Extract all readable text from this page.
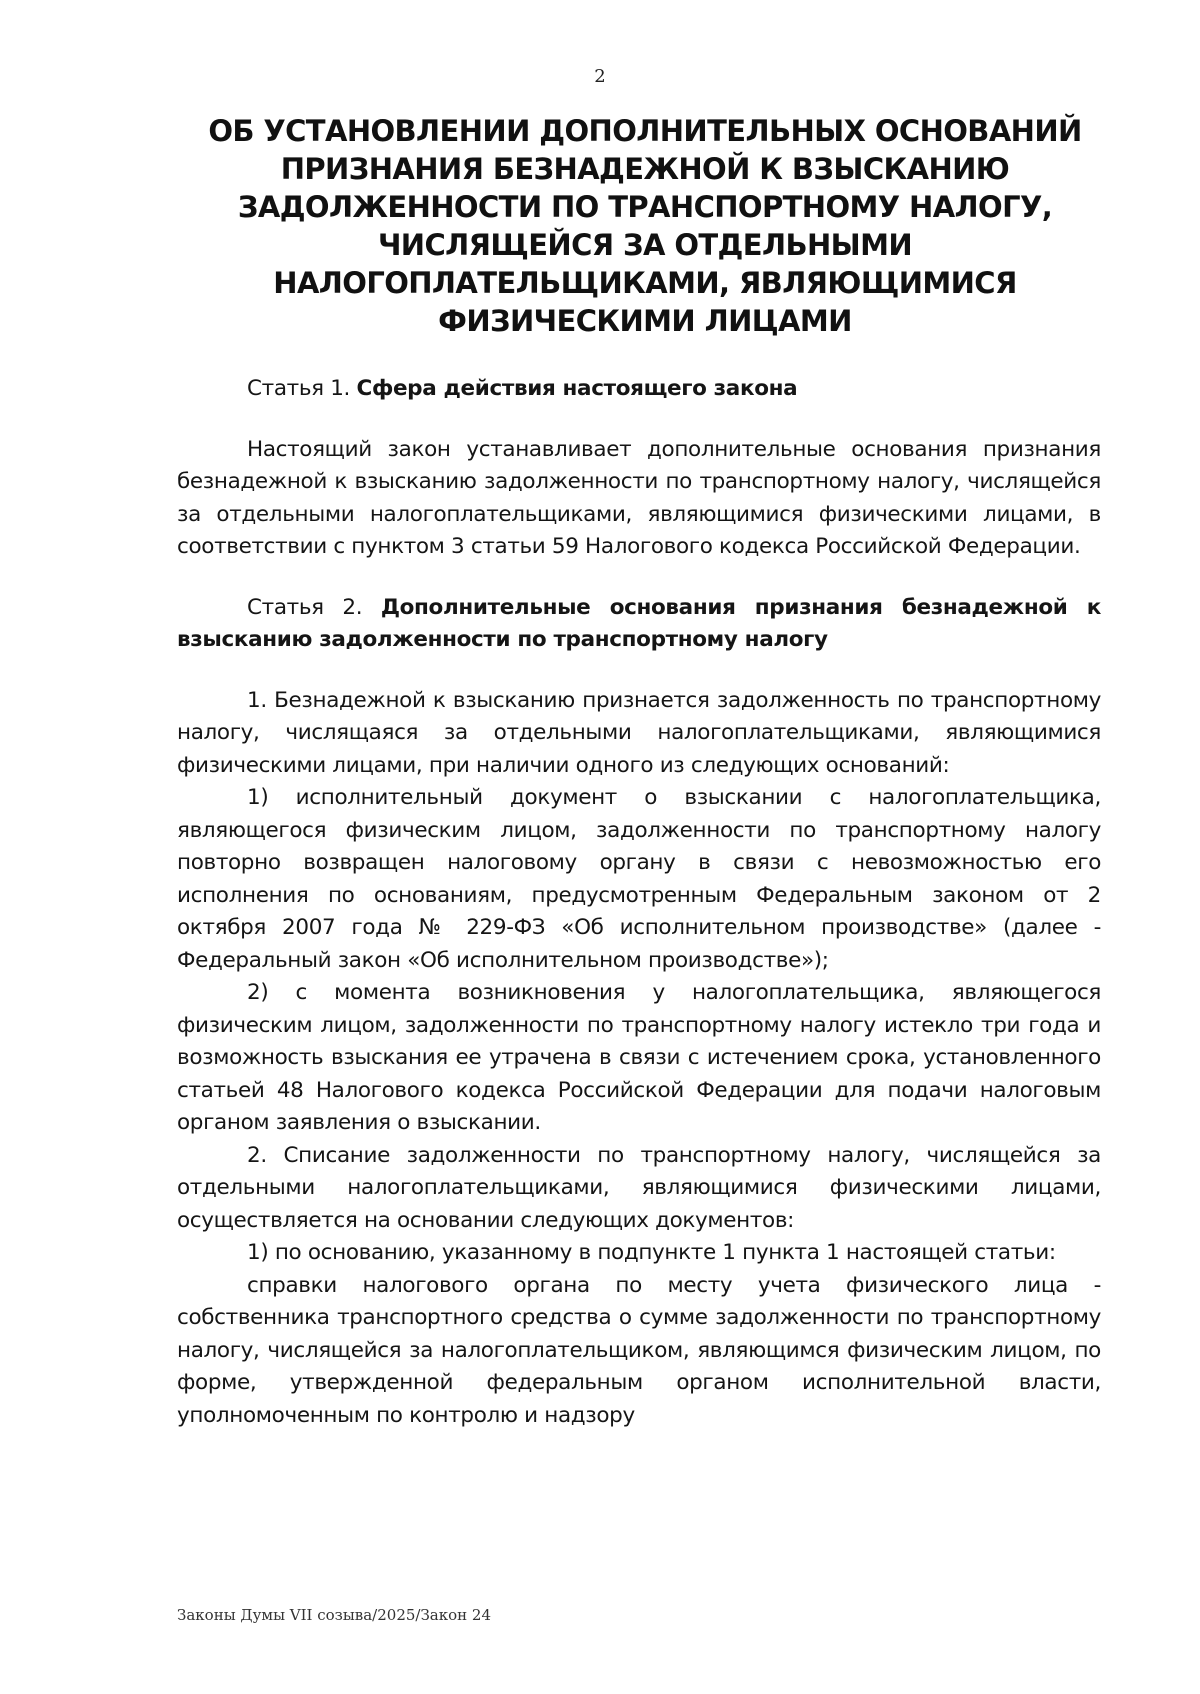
2
ОБ УСТАНОВЛЕНИИ ДОПОЛНИТЕЛЬНЫХ ОСНОВАНИЙ
ПРИЗНАНИЯ БЕЗНАДЕЖНОЙ К ВЗЫСКАНИЮ
ЗАДОЛЖЕННОСТИ ПО ТРАНСПОРТНОМУ НАЛОГУ,
ЧИСЛЯЩЕЙСЯ ЗА ОТДЕЛЬНЫМИ
НАЛОГОПЛАТЕЛЬЩИКАМИ, ЯВЛЯЮЩИМИСЯ
ФИЗИЧЕСКИМИ ЛИЦАМИ
Статья 1. Сфера действия настоящего закона
Настоящий закон устанавливает дополнительные основания признания безнадежной к взысканию задолженности по транспортному налогу, числящейся за отдельными налогоплательщиками, являющимися физическими лицами, в соответствии с пунктом 3 статьи 59 Налогового кодекса Российской Федерации.
Статья 2. Дополнительные основания признания безнадежной к взысканию задолженности по транспортному налогу
1. Безнадежной к взысканию признается задолженность по транспортному налогу, числящаяся за отдельными налогоплательщиками, являющимися физическими лицами, при наличии одного из следующих оснований:
1) исполнительный документ о взыскании с налогоплательщика, являющегося физическим лицом, задолженности по транспортному налогу повторно возвращен налоговому органу в связи с невозможностью его исполнения по основаниям, предусмотренным Федеральным законом от 2 октября 2007 года № 229-ФЗ «Об исполнительном производстве» (далее - Федеральный закон «Об исполнительном производстве»);
2) с момента возникновения у налогоплательщика, являющегося физическим лицом, задолженности по транспортному налогу истекло три года и возможность взыскания ее утрачена в связи с истечением срока, установленного статьей 48 Налогового кодекса Российской Федерации для подачи налоговым органом заявления о взыскании.
2. Списание задолженности по транспортному налогу, числящейся за отдельными налогоплательщиками, являющимися физическими лицами, осуществляется на основании следующих документов:
1) по основанию, указанному в подпункте 1 пункта 1 настоящей статьи:
справки налогового органа по месту учета физического лица - собственника транспортного средства о сумме задолженности по транспортному налогу, числящейся за налогоплательщиком, являющимся физическим лицом, по форме, утвержденной федеральным органом исполнительной власти, уполномоченным по контролю и надзору
Законы Думы VII созыва/2025/Закон 24
